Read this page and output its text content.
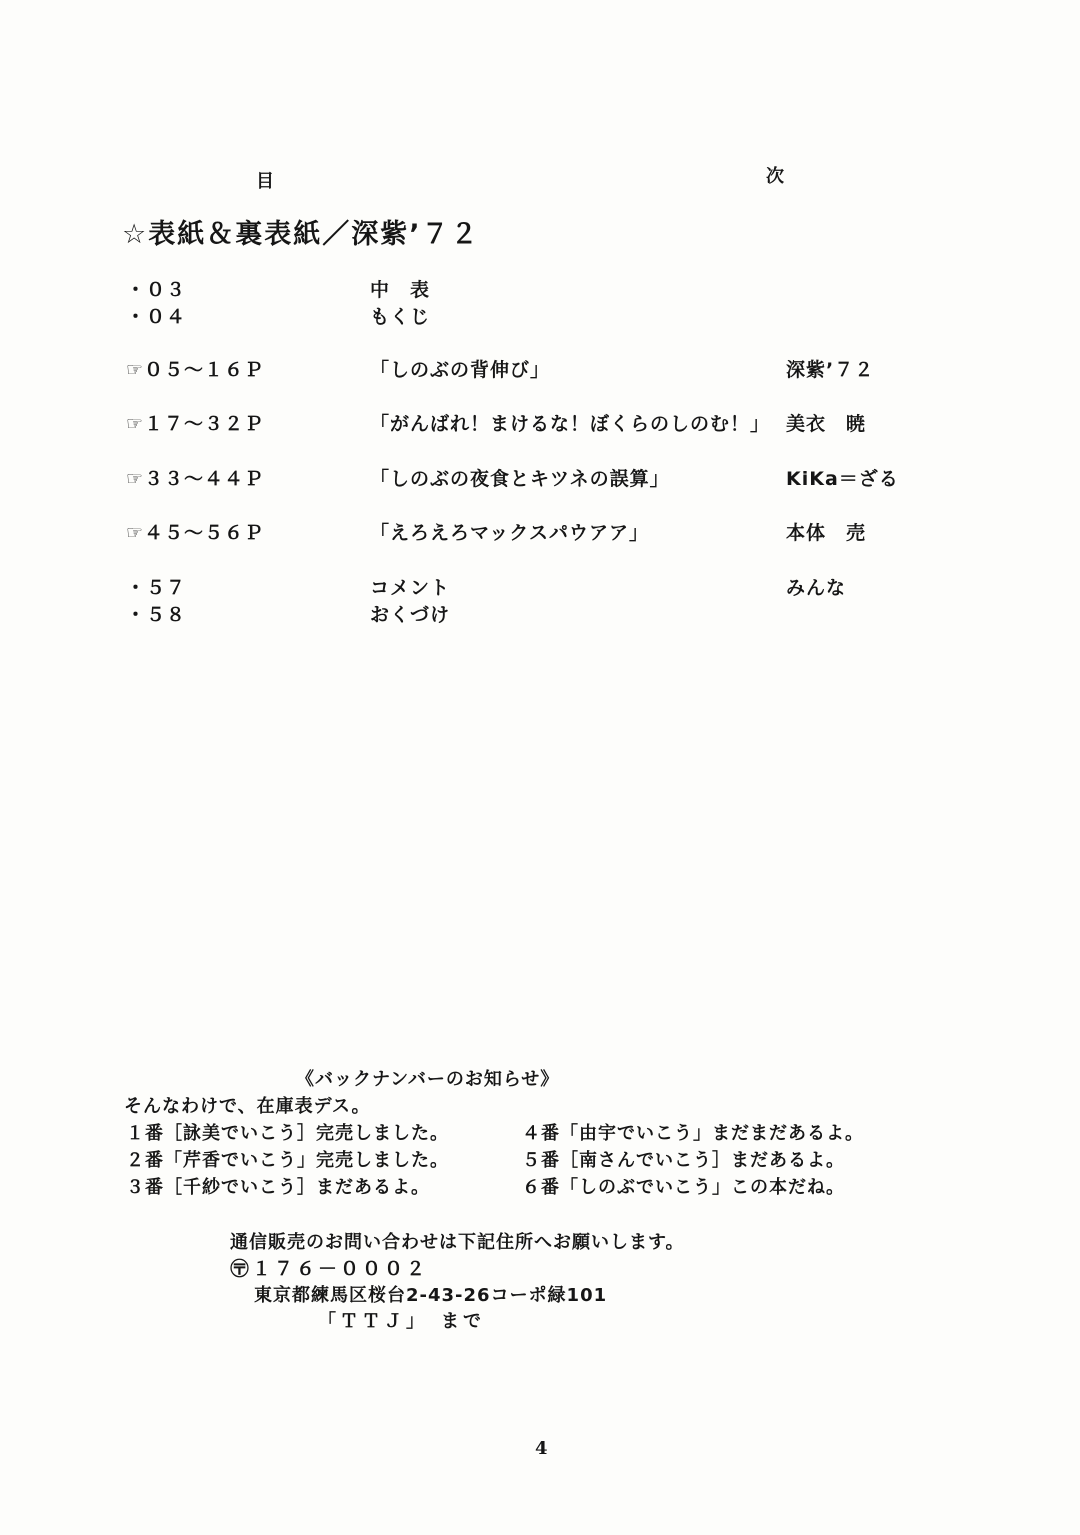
目	次
☆表紙＆裏表紙／深紫’７２
・０３	中　表
・０４	もくじ
☞０５～１６Ｐ	「しのぶの背伸び」	深紫’７２
☞１７～３２Ｐ	「がんばれ！まけるな！ぼくらのしのむ！」 美衣　暁
☞３３～４４Ｐ	「しのぶの夜食とキツネの誤算」	KiKa＝ざる
☞４５～５６Ｐ	「えろえろマックスパウアア」	本体　売
・５７	コメント	みんな
・５８	おくづけ
《バックナンバーのお知らせ》
そんなわけで、在庫表デス。
１番［詠美でいこう］完売しました。
２番「芹香でいこう」完売しました。
３番［千紗でいこう］まだあるよ。
４番「由宇でいこう」まだまだあるよ。
５番［南さんでいこう］まだあるよ。
６番「しのぶでいこう」この本だね。
通信販売のお問い合わせは下記住所へお願いします。
〶１７６－０００２
東京都練馬区桜台2-43-26コーポ緑101
「ＴＴＪ」　まで
4
